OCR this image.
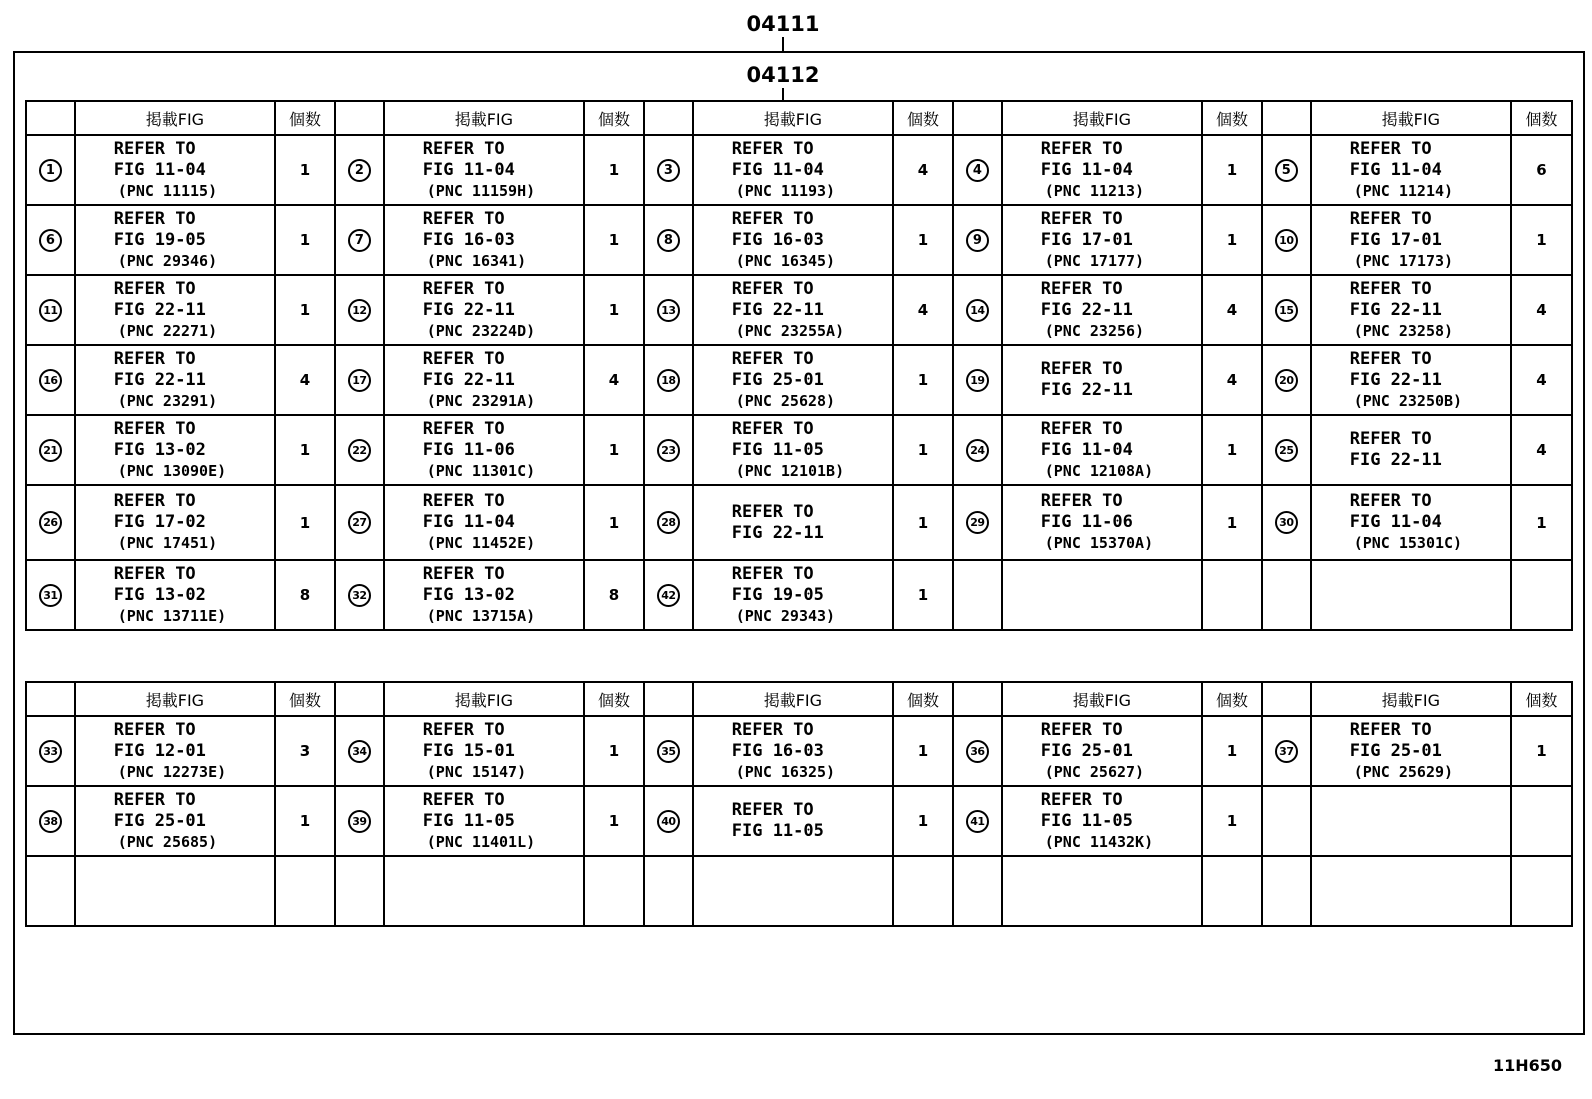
04111
04112
	掲載FIG	個数		掲載FIG	個数		掲載FIG	個数		掲載FIG	個数		掲載FIG	個数
1	REFER TO
FIG 11-04
(PNC 11115)	1	2	REFER TO
FIG 11-04
(PNC 11159H)	1	3	REFER TO
FIG 11-04
(PNC 11193)	4	4	REFER TO
FIG 11-04
(PNC 11213)	1	5	REFER TO
FIG 11-04
(PNC 11214)	6
6	REFER TO
FIG 19-05
(PNC 29346)	1	7	REFER TO
FIG 16-03
(PNC 16341)	1	8	REFER TO
FIG 16-03
(PNC 16345)	1	9	REFER TO
FIG 17-01
(PNC 17177)	1	10	REFER TO
FIG 17-01
(PNC 17173)	1
11	REFER TO
FIG 22-11
(PNC 22271)	1	12	REFER TO
FIG 22-11
(PNC 23224D)	1	13	REFER TO
FIG 22-11
(PNC 23255A)	4	14	REFER TO
FIG 22-11
(PNC 23256)	4	15	REFER TO
FIG 22-11
(PNC 23258)	4
16	REFER TO
FIG 22-11
(PNC 23291)	4	17	REFER TO
FIG 22-11
(PNC 23291A)	4	18	REFER TO
FIG 25-01
(PNC 25628)	1	19	REFER TO
FIG 22-11	4	20	REFER TO
FIG 22-11
(PNC 23250B)	4
21	REFER TO
FIG 13-02
(PNC 13090E)	1	22	REFER TO
FIG 11-06
(PNC 11301C)	1	23	REFER TO
FIG 11-05
(PNC 12101B)	1	24	REFER TO
FIG 11-04
(PNC 12108A)	1	25	REFER TO
FIG 22-11	4
26	REFER TO
FIG 17-02
(PNC 17451)	1	27	REFER TO
FIG 11-04
(PNC 11452E)	1	28	REFER TO
FIG 22-11	1	29	REFER TO
FIG 11-06
(PNC 15370A)	1	30	REFER TO
FIG 11-04
(PNC 15301C)	1
31	REFER TO
FIG 13-02
(PNC 13711E)	8	32	REFER TO
FIG 13-02
(PNC 13715A)	8	42	REFER TO
FIG 19-05
(PNC 29343)	1						
	掲載FIG	個数		掲載FIG	個数		掲載FIG	個数		掲載FIG	個数		掲載FIG	個数
33	REFER TO
FIG 12-01
(PNC 12273E)	3	34	REFER TO
FIG 15-01
(PNC 15147)	1	35	REFER TO
FIG 16-03
(PNC 16325)	1	36	REFER TO
FIG 25-01
(PNC 25627)	1	37	REFER TO
FIG 25-01
(PNC 25629)	1
38	REFER TO
FIG 25-01
(PNC 25685)	1	39	REFER TO
FIG 11-05
(PNC 11401L)	1	40	REFER TO
FIG 11-05	1	41	REFER TO
FIG 11-05
(PNC 11432K)	1			

11H650
